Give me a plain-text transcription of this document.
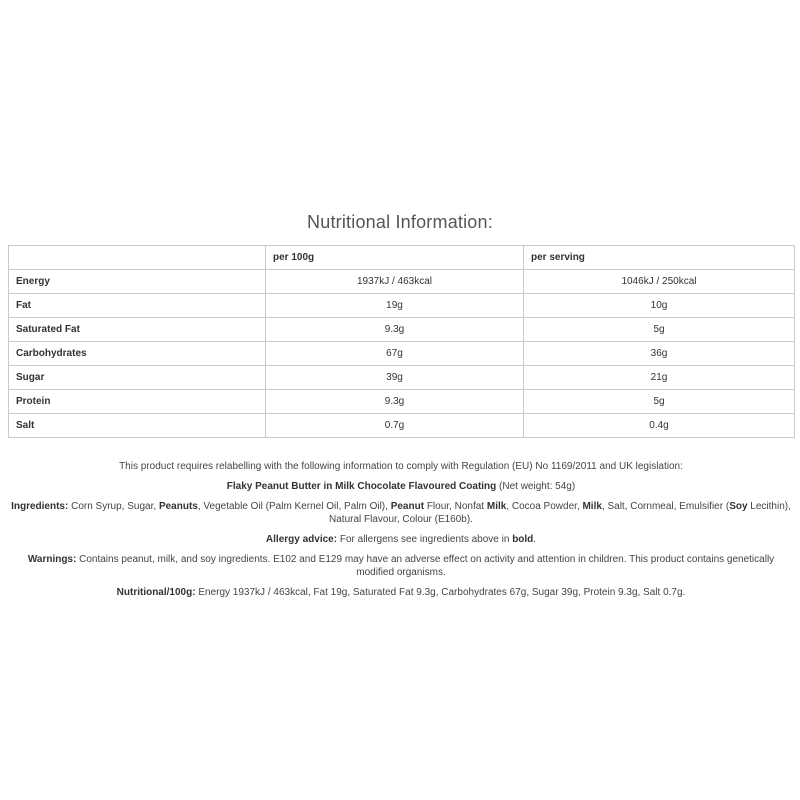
Nutritional Information:
	per 100g	per serving
Energy	1937kJ / 463kcal	1046kJ / 250kcal
Fat	19g	10g
Saturated Fat	9.3g	5g
Carbohydrates	67g	36g
Sugar	39g	21g
Protein	9.3g	5g
Salt	0.7g	0.4g

This product requires relabelling with the following information to comply with Regulation (EU) No 1169/2011 and UK legislation:

Flaky Peanut Butter in Milk Chocolate Flavoured Coating (Net weight: 54g)

Ingredients: Corn Syrup, Sugar, Peanuts, Vegetable Oil (Palm Kernel Oil, Palm Oil), Peanut Flour, Nonfat Milk, Cocoa Powder, Milk, Salt, Cornmeal, Emulsifier (Soy Lecithin), Natural Flavour, Colour (E160b).

Allergy advice: For allergens see ingredients above in bold.

Warnings: Contains peanut, milk, and soy ingredients. E102 and E129 may have an adverse effect on activity and attention in children. This product contains genetically modified organisms.

Nutritional/100g: Energy 1937kJ / 463kcal, Fat 19g, Saturated Fat 9.3g, Carbohydrates 67g, Sugar 39g, Protein 9.3g, Salt 0.7g.
